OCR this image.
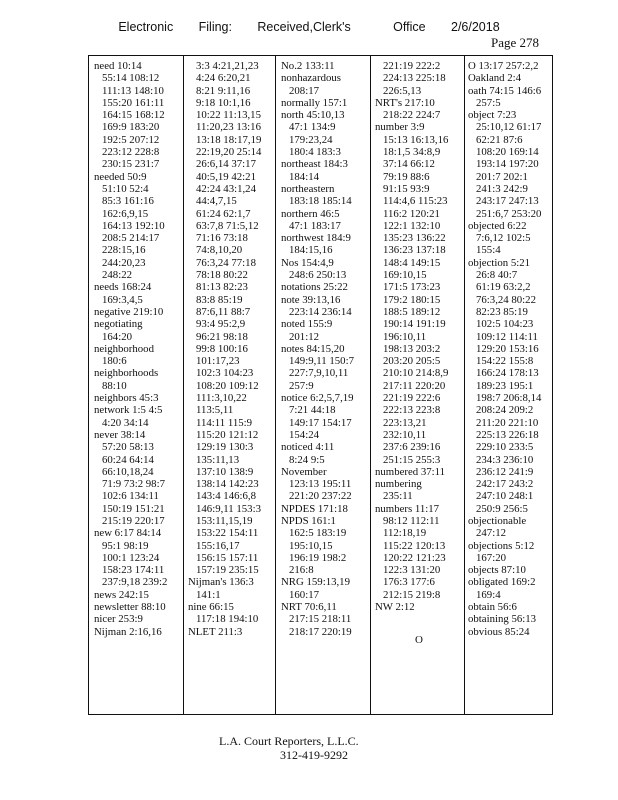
Electronic   Filing:   Received,Clerk's     Office   2/6/2018
Page 278
need 10:14
55:14 108:12
111:13 148:10
155:20 161:11
164:15 168:12
169:9 183:20
192:5 207:12
223:12 228:8
230:15 231:7
needed 50:9
51:10 52:4
85:3 161:16
162:6,9,15
164:13 192:10
208:5 214:17
228:15,16
244:20,23
248:22
needs 168:24
169:3,4,5
negative 219:10
negotiating
164:20
neighborhood
180:6
neighborhoods
88:10
neighbors 45:3
network 1:5 4:5
4:20 34:14
never 38:14
57:20 58:13
60:24 64:14
66:10,18,24
71:9 73:2 98:7
102:6 134:11
150:19 151:21
215:19 220:17
new 6:17 84:14
95:1 98:19
100:1 123:24
158:23 174:11
237:9,18 239:2
news 242:15
newsletter 88:10
nicer 253:9
Nijman 2:16,16
3:3 4:21,21,23
4:24 6:20,21
8:21 9:11,16
9:18 10:1,16
10:22 11:13,15
11:20,23 13:16
13:18 18:17,19
22:19,20 25:14
26:6,14 37:17
40:5,19 42:21
42:24 43:1,24
44:4,7,15
61:24 62:1,7
63:7,8 71:5,12
71:16 73:18
74:8,10,20
76:3,24 77:18
78:18 80:22
81:13 82:23
83:8 85:19
87:6,11 88:7
93:4 95:2,9
96:21 98:18
99:8 100:16
101:17,23
102:3 104:23
108:20 109:12
111:3,10,22
113:5,11
114:11 115:9
115:20 121:12
129:19 130:3
135:11,13
137:10 138:9
138:14 142:23
143:4 146:6,8
146:9,11 153:3
153:11,15,19
153:22 154:11
155:16,17
156:15 157:11
157:19 235:15
Nijman's 136:3
141:1
nine 66:15
117:18 194:10
NLET 211:3
No.2 133:11
nonhazardous
208:17
normally 157:1
north 45:10,13
47:1 134:9
179:23,24
180:4 183:3
northeast 184:3
184:14
northeastern
183:18 185:14
northern 46:5
47:1 183:17
northwest 184:9
184:15,16
Nos 154:4,9
248:6 250:13
notations 25:22
note 39:13,16
223:14 236:14
noted 155:9
201:12
notes 84:15,20
149:9,11 150:7
227:7,9,10,11
257:9
notice 6:2,5,7,19
7:21 44:18
149:17 154:17
154:24
noticed 4:11
8:24 9:5
November
123:13 195:11
221:20 237:22
NPDES 171:18
NPDS 161:1
162:5 183:19
195:10,15
196:19 198:2
216:8
NRG 159:13,19
160:17
NRT 70:6,11
217:15 218:11
218:17 220:19
221:19 222:2
224:13 225:18
226:5,13
NRT's 217:10
218:22 224:7
number 3:9
15:13 16:13,16
18:1,5 34:8,9
37:14 66:12
79:19 88:6
91:15 93:9
114:4,6 115:23
116:2 120:21
122:1 132:10
135:23 136:22
136:23 137:18
148:4 149:15
169:10,15
171:5 173:23
179:2 180:15
188:5 189:12
190:14 191:19
196:10,11
198:13 203:2
203:20 205:5
210:10 214:8,9
217:11 220:20
221:19 222:6
222:13 223:8
223:13,21
232:10,11
237:6 239:16
251:15 255:3
numbered 37:11
numbering
235:11
numbers 11:17
98:12 112:11
112:18,19
115:22 120:13
120:22 121:23
122:3 131:20
176:3 177:6
212:15 219:8
NW 2:12

O
O 13:17 257:2,2
Oakland 2:4
oath 74:15 146:6
257:5
object 7:23
25:10,12 61:17
62:21 87:6
108:20 169:14
193:14 197:20
201:7 202:1
241:3 242:9
243:17 247:13
251:6,7 253:20
objected 6:22
7:6,12 102:5
155:4
objection 5:21
26:8 40:7
61:19 63:2,2
76:3,24 80:22
82:23 85:19
102:5 104:23
109:12 114:11
129:20 153:16
154:22 155:8
166:24 178:13
189:23 195:1
198:7 206:8,14
208:24 209:2
211:20 221:10
225:13 226:18
229:10 233:5
234:3 236:10
236:12 241:9
242:17 243:2
247:10 248:1
250:9 256:5
objectionable
247:12
objections 5:12
167:20
objects 87:10
obligated 169:2
169:4
obtain 56:6
obtaining 56:13
obvious 85:24
L.A. Court Reporters, L.L.C.
312-419-9292
